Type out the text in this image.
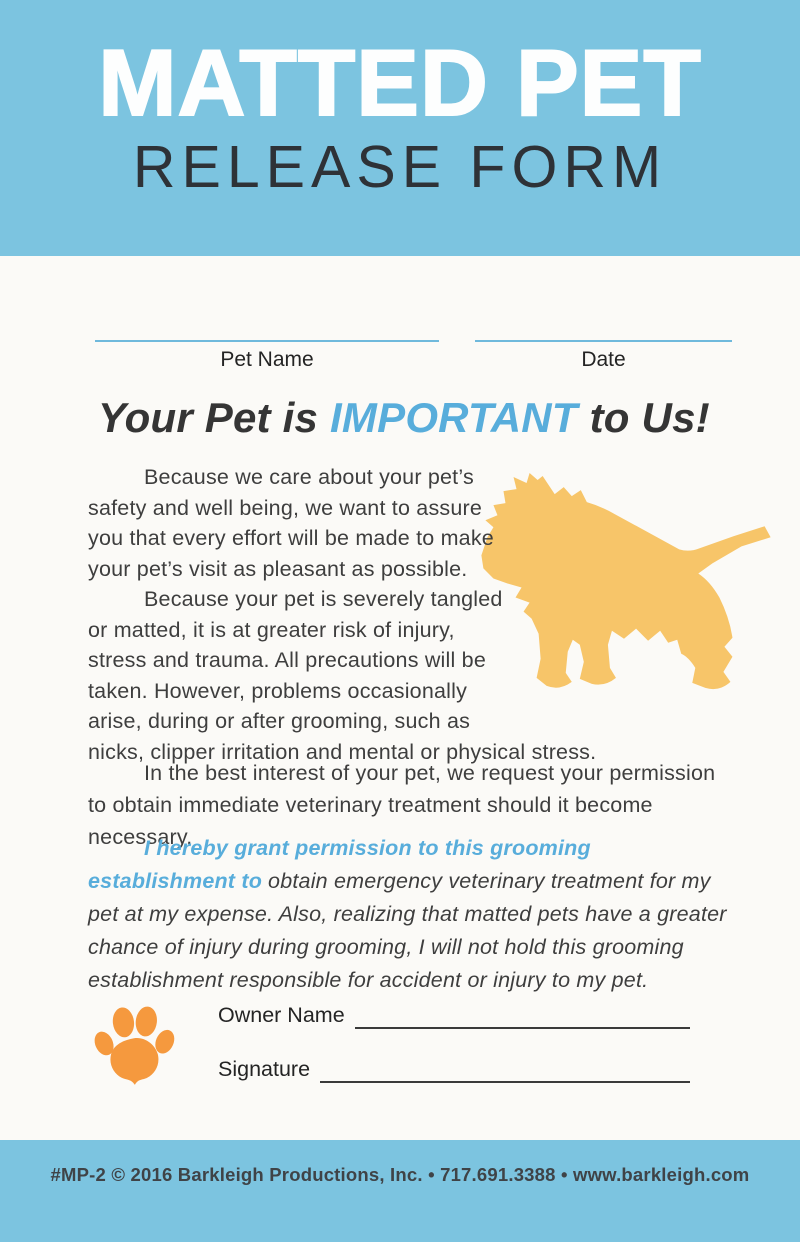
MATTED PET
RELEASE FORM
Pet Name	Date
Your Pet is IMPORTANT to Us!

Because we care about your pet’s safety and well being, we want to assure you that every effort will be made to make your pet’s visit as pleasant as possible.

Because your pet is severely tangled or matted, it is at greater risk of injury, stress and trauma. All precautions will be taken. However, problems occasionally arise, during or after grooming, such as nicks, clipper irritation and mental or physical stress.

In the best interest of your pet, we request your permission to obtain immediate veterinary treatment should it become necessary.

I hereby grant permission to this grooming establishment to obtain emergency veterinary treatment for my pet at my expense. Also, realizing that matted pets have a greater chance of injury during grooming, I will not hold this grooming establishment responsible for accident or injury to my pet.

Owner Name
Signature
#MP-2 © 2016 Barkleigh Productions, Inc. • 717.691.3388 • www.barkleigh.com
